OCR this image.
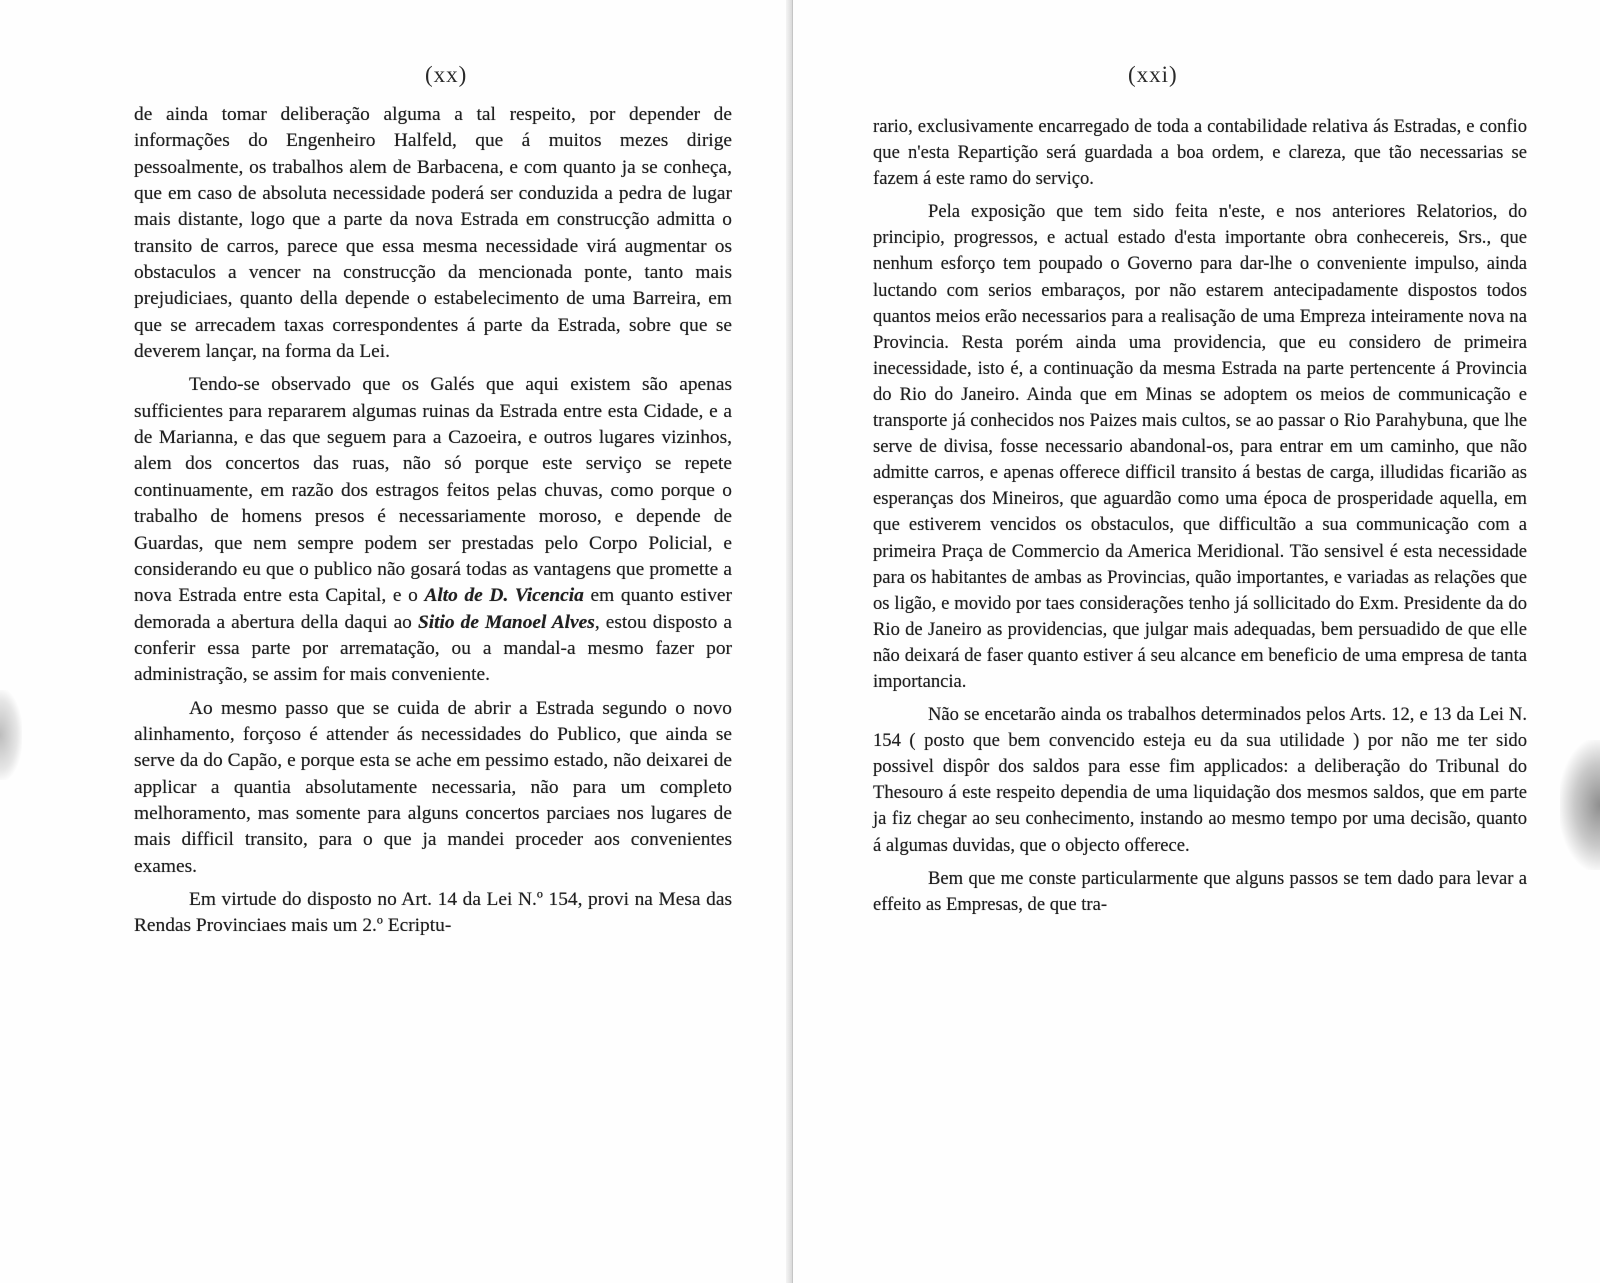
(xx)

de ainda tomar deliberação alguma a tal respeito, por depender de informações do Engenheiro Halfeld, que á muitos mezes dirige pessoalmente, os trabalhos alem de Barbacena, e com quanto ja se conheça, que em caso de absoluta necessidade poderá ser conduzida a pedra de lugar mais distante, logo que a parte da nova Estrada em construcção admitta o transito de carros, parece que essa mesma necessidade virá augmentar os obstaculos a vencer na construcção da mencionada ponte, tanto mais prejudiciaes, quanto della depende o estabelecimento de uma Barreira, em que se arrecadem taxas correspondentes á parte da Estrada, sobre que se deverem lançar, na forma da Lei.

Tendo-se observado que os Galés que aqui existem são apenas sufficientes para repararem algumas ruinas da Estrada entre esta Cidade, e a de Marianna, e das que seguem para a Cazoeira, e outros lugares vizinhos, alem dos concertos das ruas, não só porque este serviço se repete continuamente, em razão dos estragos feitos pelas chuvas, como porque o trabalho de homens presos é necessariamente moroso, e depende de Guardas, que nem sempre podem ser prestadas pelo Corpo Policial, e considerando eu que o publico não gosará todas as vantagens que promette a nova Estrada entre esta Capital, e o Alto de D. Vicencia em quanto estiver demorada a abertura della daqui ao Sitio de Manoel Alves, estou disposto a conferir essa parte por arrematação, ou a mandal-a mesmo fazer por administração, se assim for mais conveniente.

Ao mesmo passo que se cuida de abrir a Estrada segundo o novo alinhamento, forçoso é attender ás necessidades do Publico, que ainda se serve da do Capão, e porque esta se ache em pessimo estado, não deixarei de applicar a quantia absolutamente necessaria, não para um completo melhoramento, mas somente para alguns concertos parciaes nos lugares de mais difficil transito, para o que ja mandei proceder aos convenientes exames.

Em virtude do disposto no Art. 14 da Lei N.º 154, provi na Mesa das Rendas Provinciaes mais um 2.º Ecriptu-

(xxi)

rario, exclusivamente encarregado de toda a contabilidade relativa ás Estradas, e confio que n'esta Repartição será guardada a boa ordem, e clareza, que tão necessarias se fazem á este ramo do serviço.

Pela exposição que tem sido feita n'este, e nos anteriores Relatorios, do principio, progressos, e actual estado d'esta importante obra conhecereis, Srs., que nenhum esforço tem poupado o Governo para dar-lhe o conveniente impulso, ainda luctando com serios embaraços, por não estarem antecipadamente dispostos todos quantos meios erão necessarios para a realisação de uma Empreza inteiramente nova na Provincia. Resta porém ainda uma providencia, que eu considero de primeira inecessidade, isto é, a continuação da mesma Estrada na parte pertencente á Provincia do Rio do Janeiro. Ainda que em Minas se adoptem os meios de communicação e transporte já conhecidos nos Paizes mais cultos, se ao passar o Rio Parahybuna, que lhe serve de divisa, fosse necessario abandonal-os, para entrar em um caminho, que não admitte carros, e apenas offerece difficil transito á bestas de carga, illudidas ficarião as esperanças dos Mineiros, que aguardão como uma época de prosperidade aquella, em que estiverem vencidos os obstaculos, que difficultão a sua communicação com a primeira Praça de Commercio da America Meridional. Tão sensivel é esta necessidade para os habitantes de ambas as Provincias, quão importantes, e variadas as relações que os ligão, e movido por taes considerações tenho já sollicitado do Exm. Presidente da do Rio de Janeiro as providencias, que julgar mais adequadas, bem persuadido de que elle não deixará de faser quanto estiver á seu alcance em beneficio de uma empresa de tanta importancia.

Não se encetarão ainda os trabalhos determinados pelos Arts. 12, e 13 da Lei N. 154 ( posto que bem convencido esteja eu da sua utilidade ) por não me ter sido possivel dispôr dos saldos para esse fim applicados: a deliberação do Tribunal do Thesouro á este respeito dependia de uma liquidação dos mesmos saldos, que em parte ja fiz chegar ao seu conhecimento, instando ao mesmo tempo por uma decisão, quanto á algumas duvidas, que o objecto offerece.

Bem que me conste particularmente que alguns passos se tem dado para levar a effeito as Empresas, de que tra-
